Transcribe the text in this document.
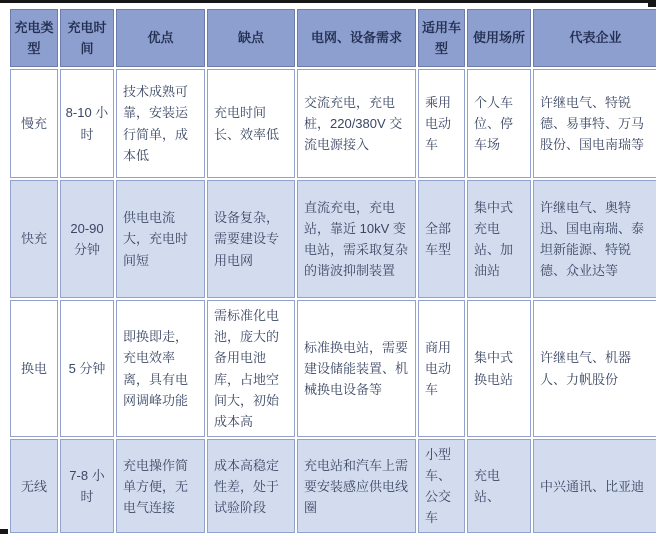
充电类型	充电时间	优点	缺点	电网、设备需求	适用车型	使用场所	代表企业
慢充	8-10 小时	技术成熟可靠，安装运行简单，成本低	充电时间长、效率低	交流充电，充电桩，220/380V 交流电源接入	乘用电动车	个人车位、停车场	许继电气、特锐德、易事特、万马股份、国电南瑞等
快充	20-90 分钟	供电电流大，充电时间短	设备复杂，需要建设专用电网	直流充电，充电站，靠近 10kV 变电站，需采取复杂的谐波抑制装置	全部车型	集中式充电站、加油站	许继电气、奥特迅、国电南瑞、泰坦新能源、特锐德、众业达等
换电	5 分钟	即换即走，充电效率离，具有电网调峰功能	需标准化电池，庞大的备用电池库，占地空间大，初始成本高	标准换电站，需要建设储能装置、机械换电设备等	商用电动车	集中式换电站	许继电气、机器人、力帆股份
无线	7-8 小时	充电操作简单方便，无电气连接	成本高稳定性差，处于试验阶段	充电站和汽车上需要安装感应供电线圈	小型车、公交车	充电站、	中兴通讯、比亚迪
